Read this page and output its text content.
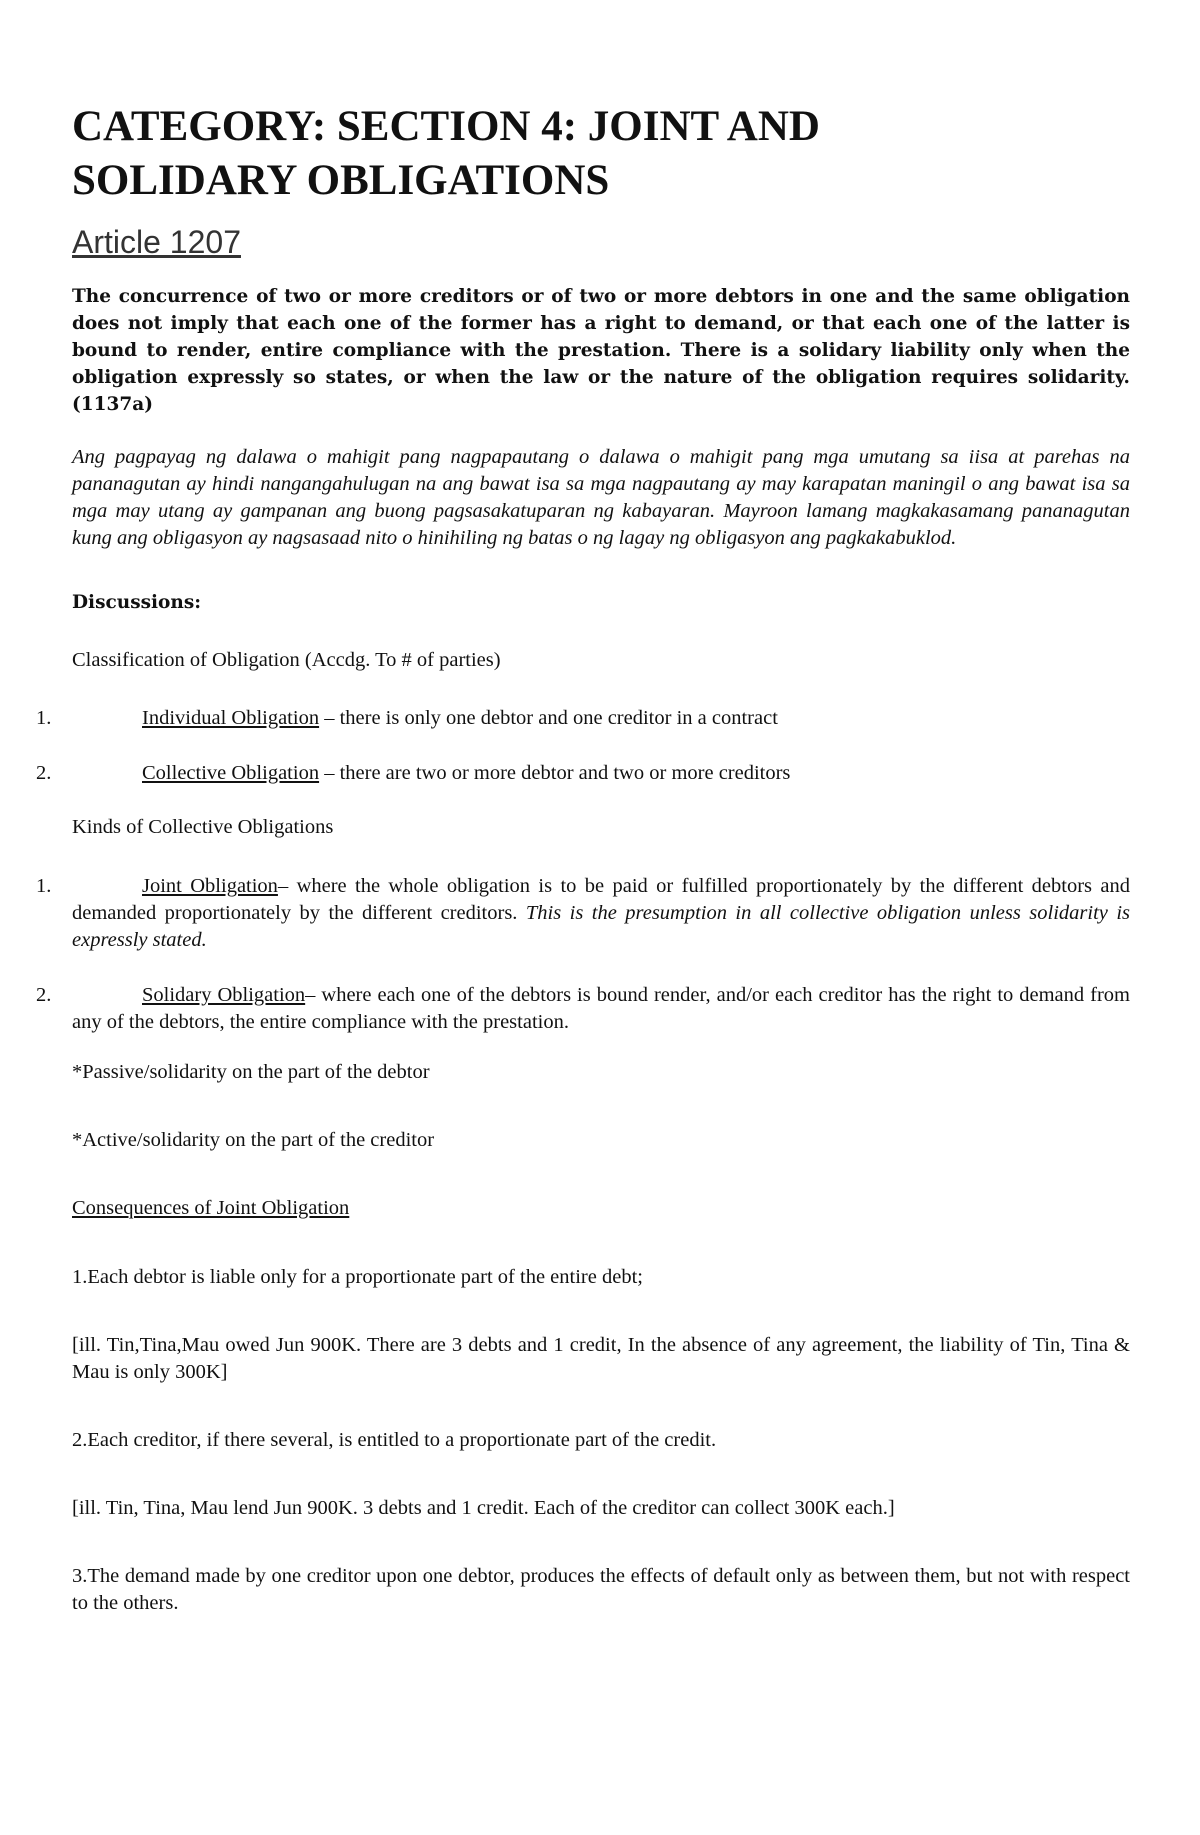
CATEGORY: SECTION 4: JOINT AND
SOLIDARY OBLIGATIONS
Article 1207

The concurrence of two or more creditors or of two or more debtors in one and the same obligation does not imply that each one of the former has a right to demand, or that each one of the latter is bound to render, entire compliance with the prestation. There is a solidary liability only when the obligation expressly so states, or when the law or the nature of the obligation requires solidarity. (1137a)

Ang pagpayag ng dalawa o mahigit pang nagpapautang o dalawa o mahigit pang mga umutang sa iisa at parehas na pananagutan ay hindi nangangahulugan na ang bawat isa sa mga nagpautang ay may karapatan maningil o ang bawat isa sa mga may utang ay gampanan ang buong pagsasakatuparan ng kabayaran. Mayroon lamang magkakasamang pananagutan kung ang obligasyon ay nagsasaad nito o hinihiling ng batas o ng lagay ng obligasyon ang pagkakabuklod.

Discussions:

Classification of Obligation (Accdg. To # of parties)

1.	Individual Obligation – there is only one debtor and one creditor in a contract
2.	Collective Obligation – there are two or more debtor and two or more creditors

Kinds of Collective Obligations

1.	Joint Obligation– where the whole obligation is to be paid or fulfilled proportionately by the different debtors and demanded proportionately by the different creditors. This is the presumption in all collective obligation unless solidarity is expressly stated.
2.	Solidary Obligation– where each one of the debtors is bound render, and/or each creditor has the right to demand from any of the debtors, the entire compliance with the prestation.

*Passive/solidarity on the part of the debtor

*Active/solidarity on the part of the creditor

Consequences of Joint Obligation

1.Each debtor is liable only for a proportionate part of the entire debt;

[ill. Tin,Tina,Mau owed Jun 900K. There are 3 debts and 1 credit, In the absence of any agreement, the liability of Tin, Tina & Mau is only 300K]

2.Each creditor, if there several, is entitled to a proportionate part of the credit.

[ill. Tin, Tina, Mau lend Jun 900K. 3 debts and 1 credit. Each of the creditor can collect 300K each.]

3.The demand made by one creditor upon one debtor, produces the effects of default only as between them, but not with respect to the others.
